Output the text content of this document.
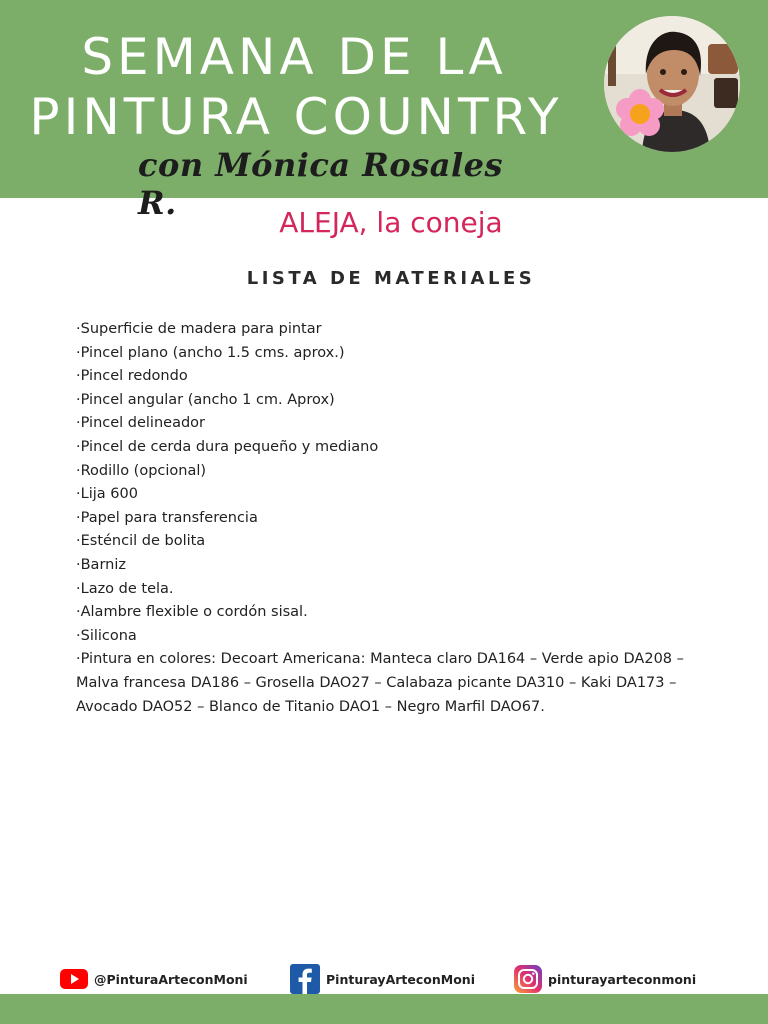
SEMANA DE LA
PINTURA COUNTRY
con Mónica Rosales R.
ALEJA, la coneja
LISTA DE MATERIALES
·Superficie de madera para pintar
·Pincel plano (ancho 1.5 cms. aprox.)
·Pincel redondo
·Pincel angular (ancho 1 cm. Aprox)
·Pincel delineador
·Pincel de cerda dura pequeño y mediano
·Rodillo (opcional)
·Lija 600
·Papel para transferencia
·Esténcil de bolita
·Barniz
·Lazo de tela.
·Alambre flexible o cordón sisal.
·Silicona
·Pintura en colores: Decoart Americana: Manteca claro DA164 – Verde apio DA208 – Malva francesa DA186 – Grosella DAO27 – Calabaza picante DA310 – Kaki DA173 – Avocado DAO52 – Blanco de Titanio DAO1 – Negro Marfil DAO67.
@PinturaArteconMoni	PinturayArteconMoni	pinturayarteconmoni
